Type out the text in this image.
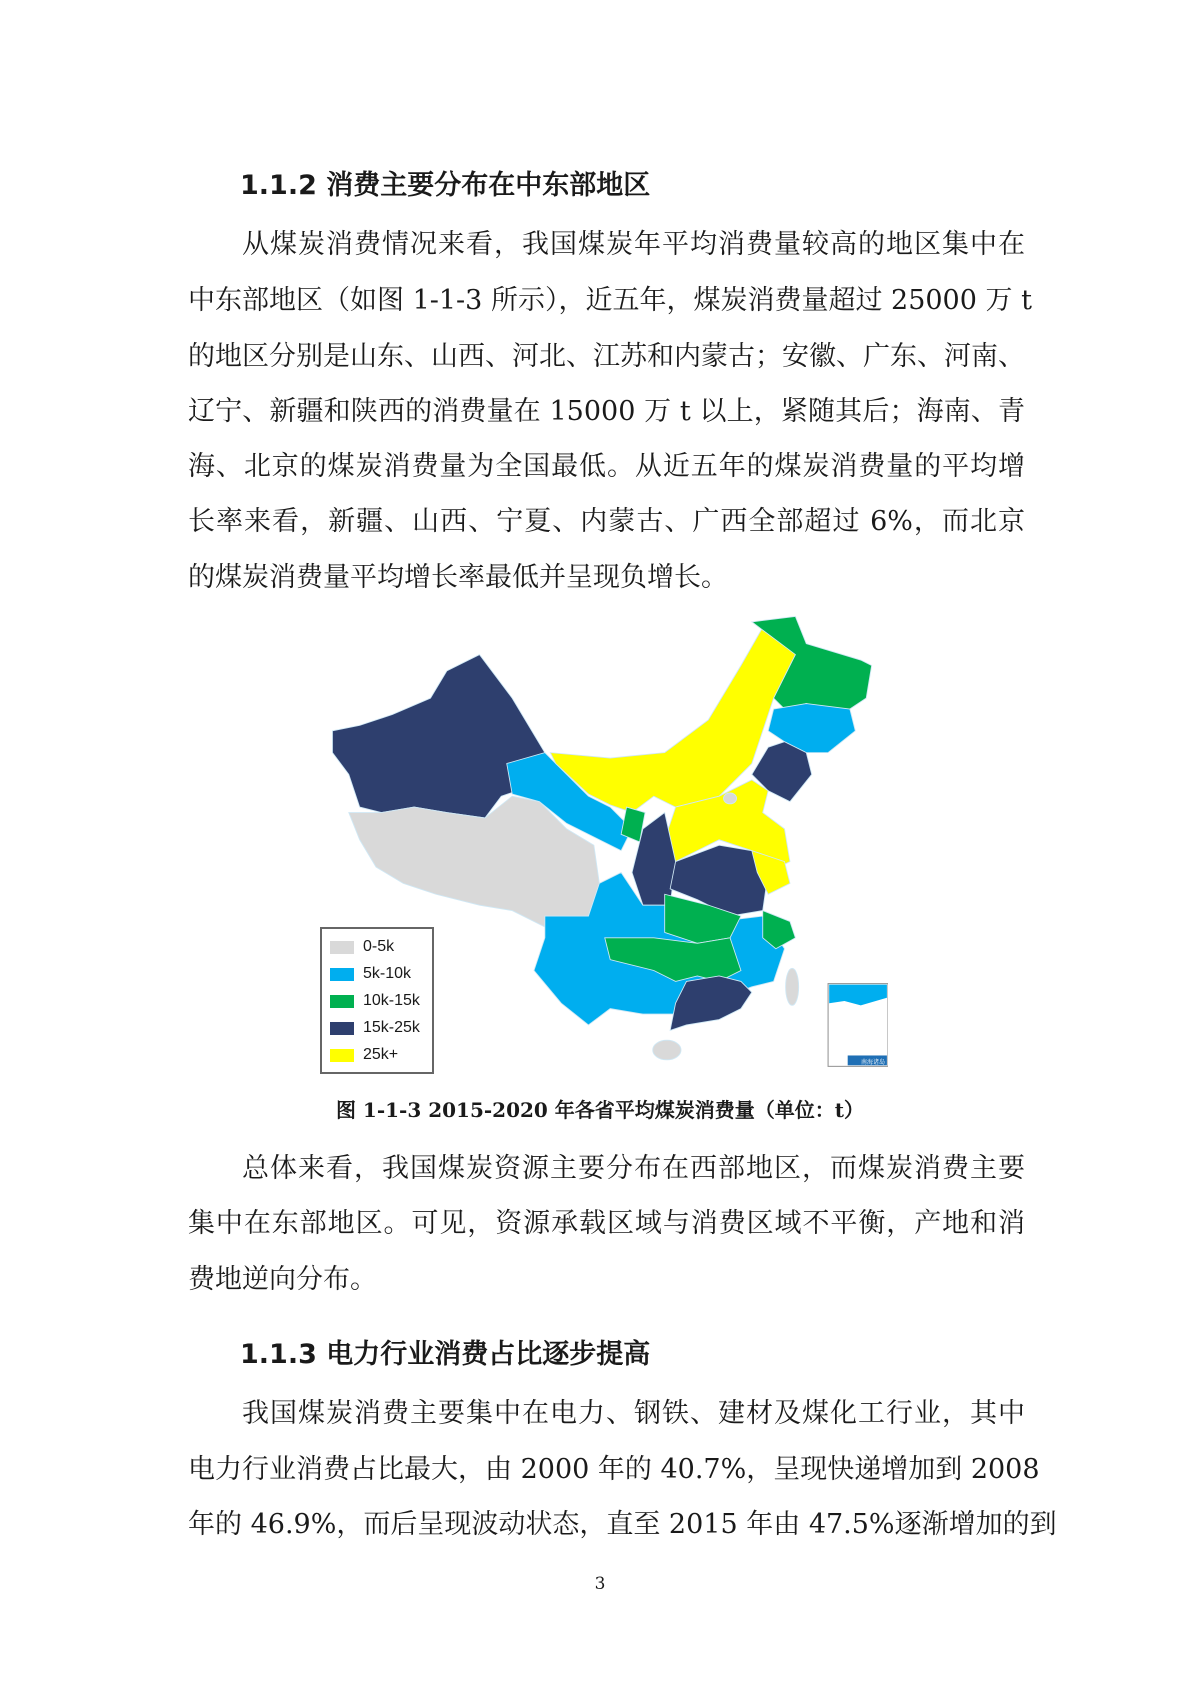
1.1.2 消费主要分布在中东部地区
从煤炭消费情况来看，我国煤炭年平均消费量较高的地区集中在
中东部地区（如图 1-1-3 所示），近五年，煤炭消费量超过 25000 万 t
的地区分别是山东、山西、河北、江苏和内蒙古；安徽、广东、河南、
辽宁、新疆和陕西的消费量在 15000 万 t 以上，紧随其后；海南、青
海、北京的煤炭消费量为全国最低。从近五年的煤炭消费量的平均增
长率来看，新疆、山西、宁夏、内蒙古、广西全部超过 6%，而北京
的煤炭消费量平均增长率最低并呈现负增长。
南海诸岛
0-5k
5k-10k
10k-15k
15k-25k
25k+
图 1-1-3 2015-2020 年各省平均煤炭消费量（单位：t）
总体来看，我国煤炭资源主要分布在西部地区，而煤炭消费主要
集中在东部地区。可见，资源承载区域与消费区域不平衡，产地和消
费地逆向分布。
1.1.3 电力行业消费占比逐步提高
我国煤炭消费主要集中在电力、钢铁、建材及煤化工行业，其中
电力行业消费占比最大，由 2000 年的 40.7%，呈现快递增加到 2008
年的 46.9%，而后呈现波动状态，直至 2015 年由 47.5%逐渐增加的到
3
